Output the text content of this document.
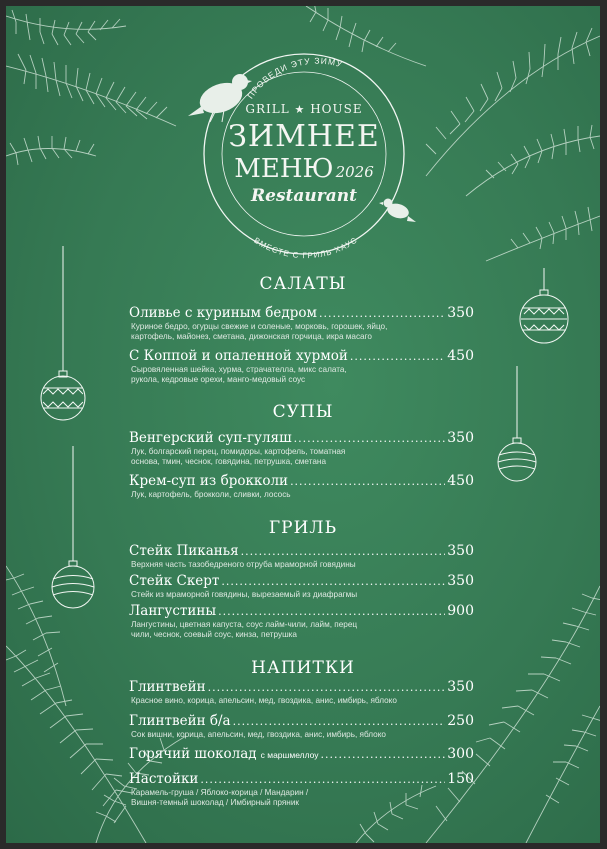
ПРОВЕДИ ЭТУ ЗИМУ
ВМЕСТЕ С ГРИЛЬ ХАУС
GRILL ★ HOUSE
ЗИМНЕЕ
МЕНЮ 2026
Restaurant
САЛАТЫ
Оливье с куриным бедром .....	350
Куриное бедро, огурцы свежие и соленые, морковь, горошек, яйцо,
картофель, майонез, сметана, дижонская горчица, икра масаго
С Коппой и опаленной хурмой .....	450
Сыровяленная шейка, хурма, страчателла, микс салата,
рукола, кедровые орехи, манго-медовый соус
СУПЫ
Венгерский суп-гуляш .....	350
Лук, болгарский перец, помидоры, картофель, томатная
основа, тмин, чеснок, говядина, петрушка, сметана
Крем-суп из брокколи .....	450
Лук, картофель, брокколи, сливки, лосось
ГРИЛЬ
Стейк Пиканья .....	350
Верхняя часть тазобедреного отруба мраморной говядины
Стейк Скерт .....	350
Стейк из мраморной говядины, вырезаемый из диафрагмы
Лангустины .....	900
Лангустины, цветная капуста, соус лайм-чили, лайм, перец
чили, чеснок, соевый соус, кинза, петрушка
НАПИТКИ
Глинтвейн .....	350
Красное вино, корица, апельсин, мед, гвоздика, анис, имбирь, яблоко
Глинтвейн б/а .....	250
Сок вишни, корица, апельсин, мед, гвоздика, анис, имбирь, яблоко
Горячий шоколад с маршмеллоу .....	300
Настойки .....	150
Карамель-груша / Яблоко-корица / Мандарин /
Вишня-темный шоколад / Имбирный пряник
